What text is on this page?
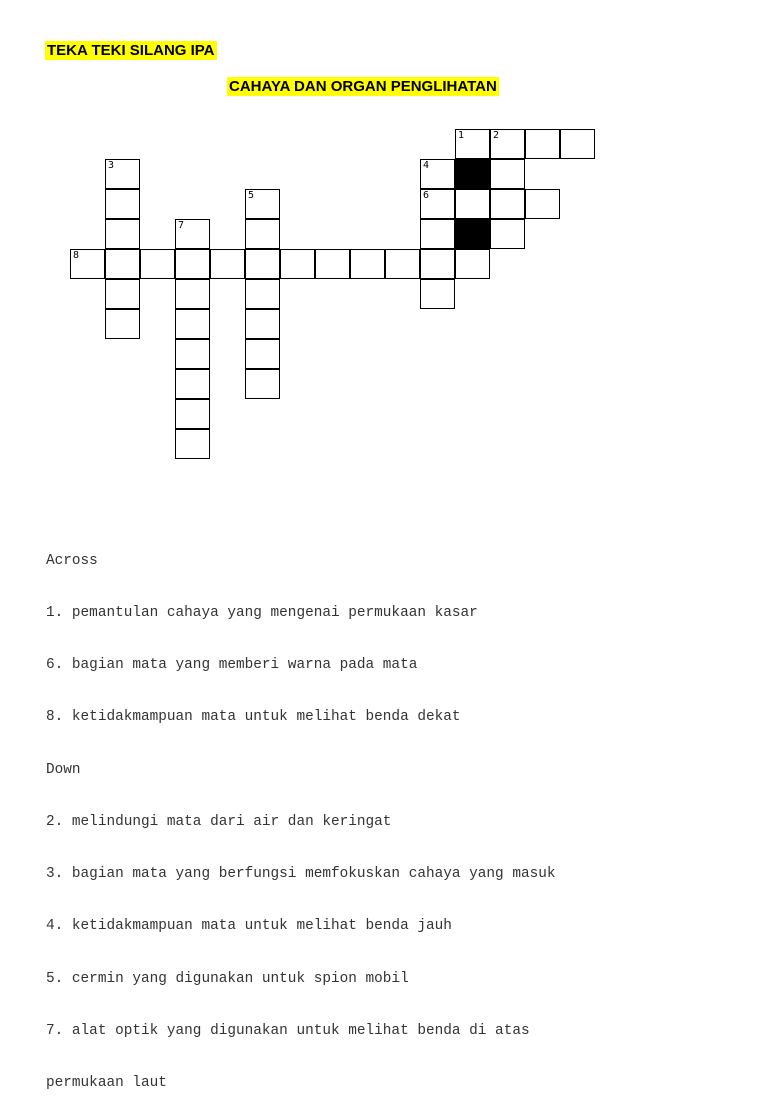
TEKA TEKI SILANG IPA
CAHAYA DAN ORGAN PENGLIHATAN
1	2
3	4
5	6
7
8

Across

1. pemantulan cahaya yang mengenai permukaan kasar

6. bagian mata yang memberi warna pada mata

8. ketidakmampuan mata untuk melihat benda dekat

Down

2. melindungi mata dari air dan keringat

3. bagian mata yang berfungsi memfokuskan cahaya yang masuk

4. ketidakmampuan mata untuk melihat benda jauh

5. cermin yang digunakan untuk spion mobil

7. alat optik yang digunakan untuk melihat benda di atas

permukaan laut
